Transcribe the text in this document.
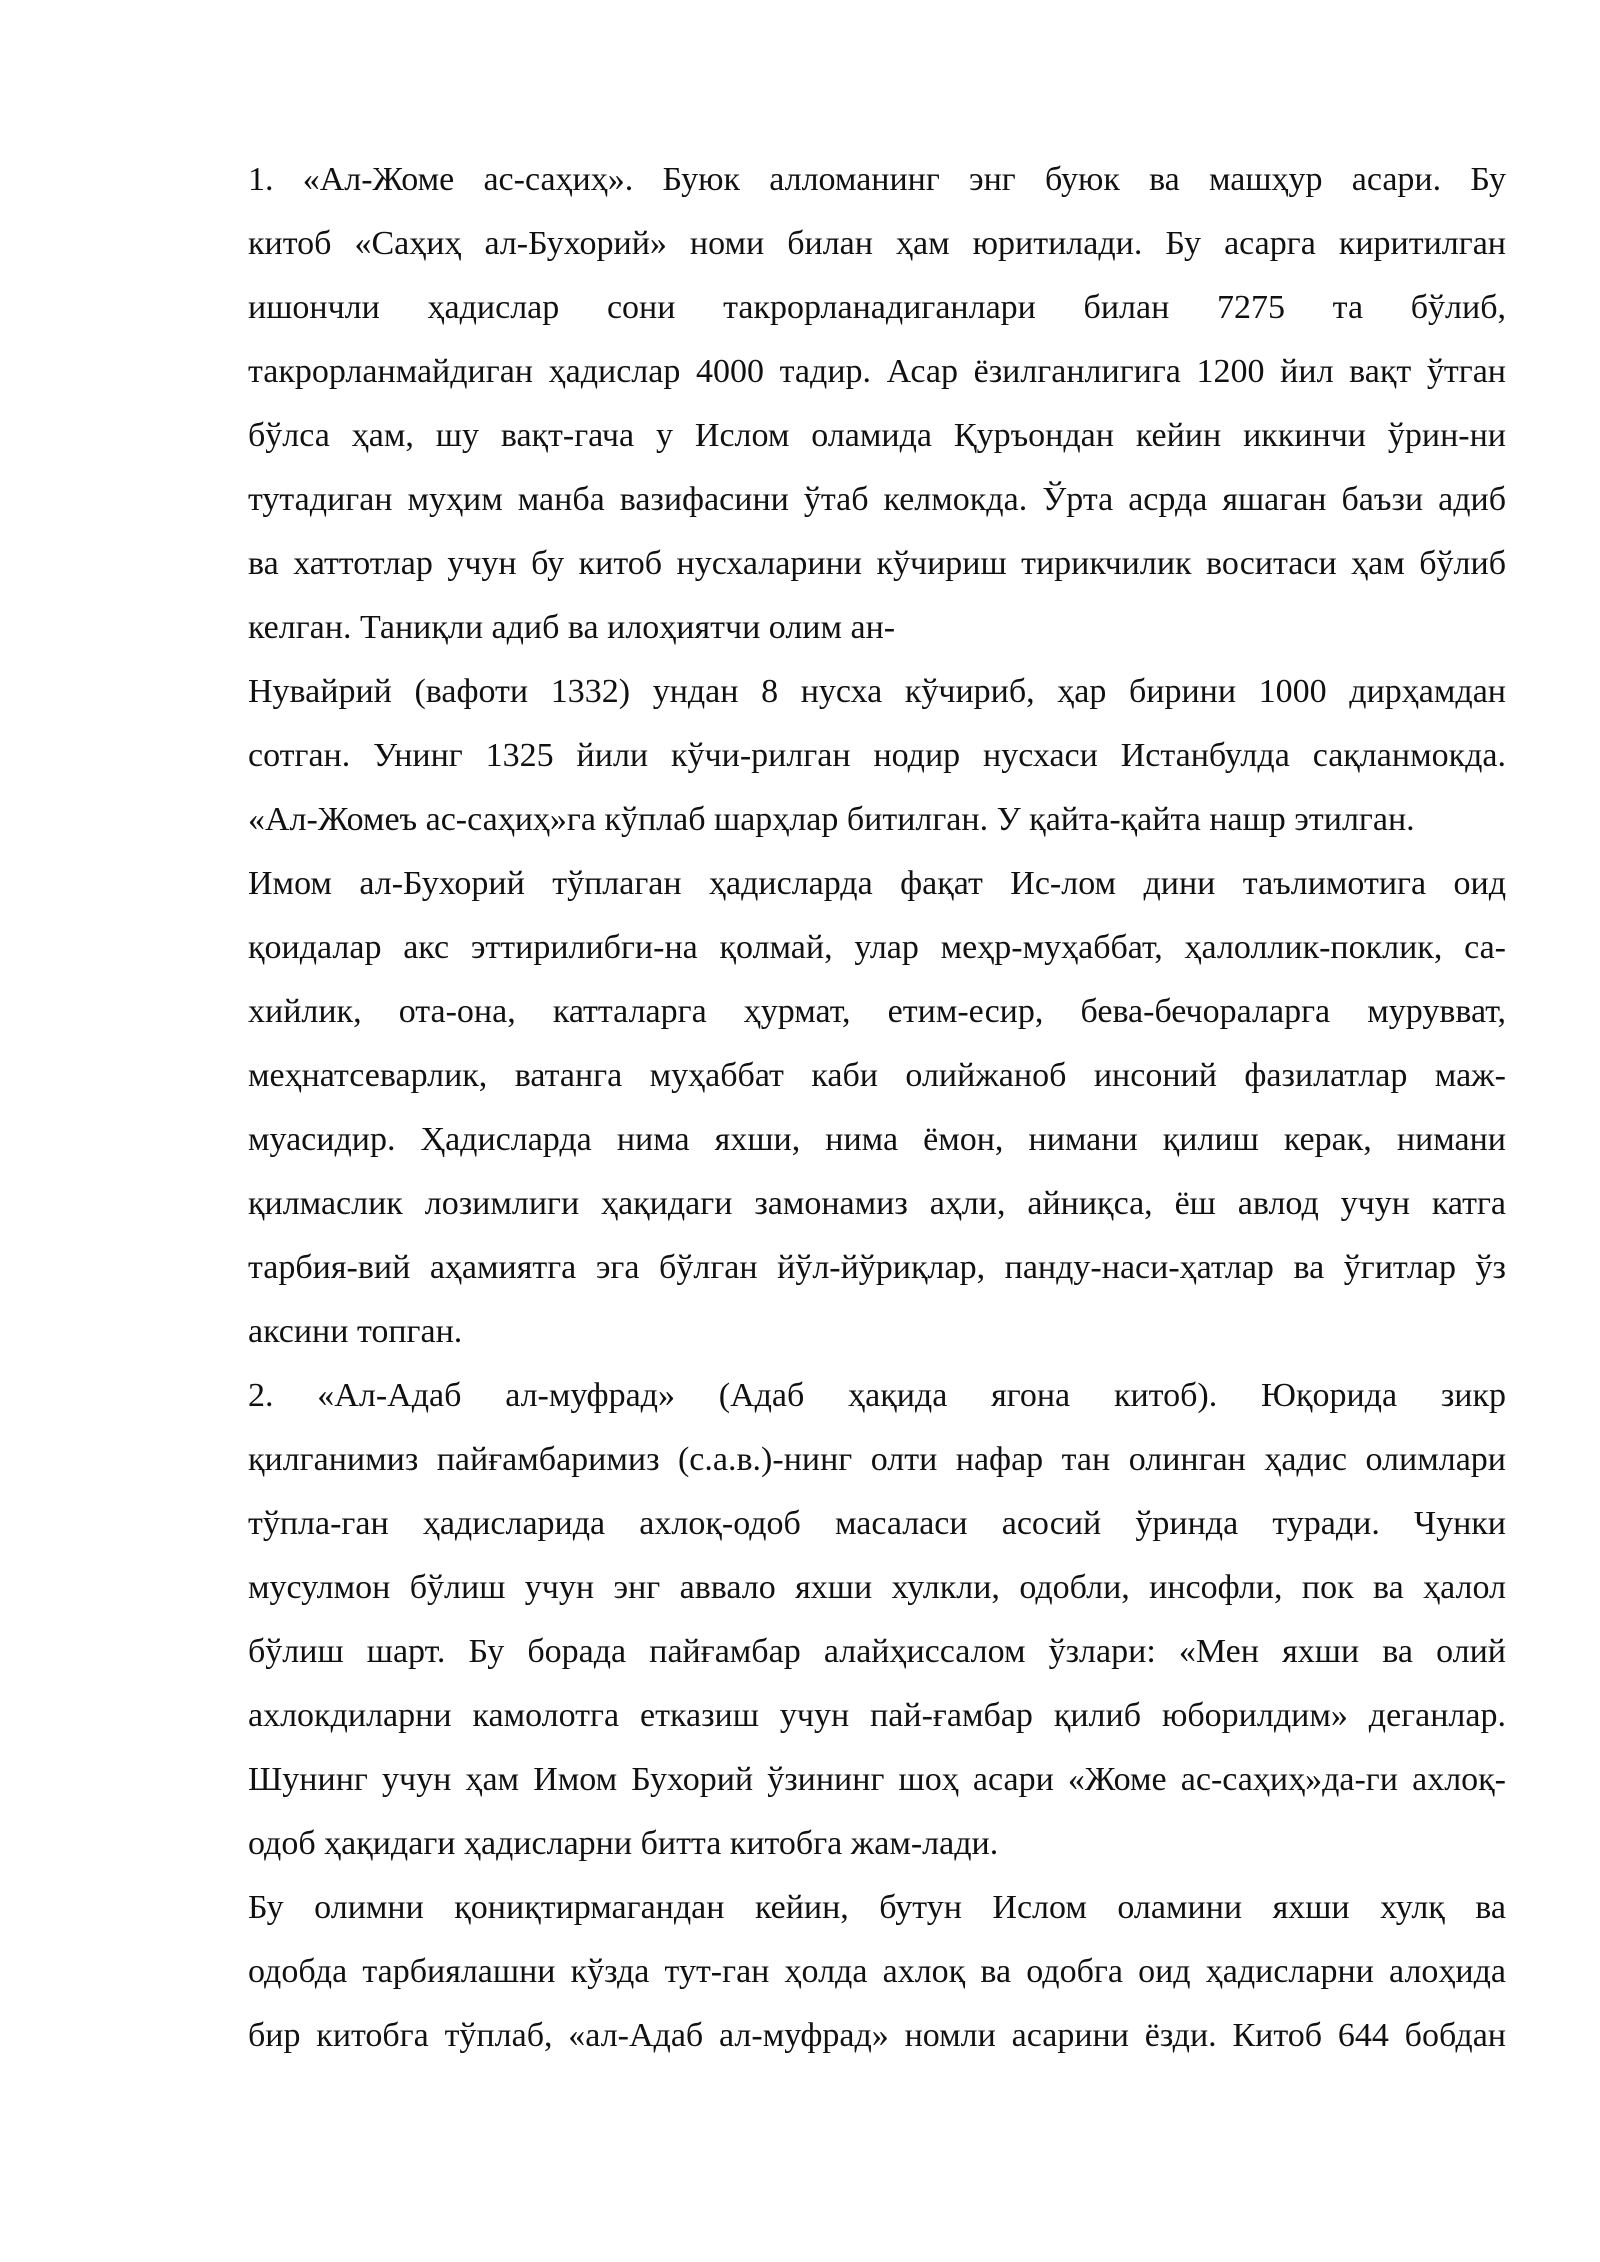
1. «Ал-Жоме ас-саҳиҳ». Буюк алломанинг энг буюк ва машҳур асари. Бу
китоб «Саҳиҳ ал-Бухорий» номи билан ҳам юритилади. Бу асарга киритилган
ишончли ҳадислар сони такрорланадиганлари билан 7275 та бўлиб,
такрорланмайдиган ҳадислар 4000 тадир. Асар ёзилганлигига 1200 йил вақт ўтган
бўлса ҳам, шу вақт-гача у Ислом оламида Қуръондан кейин иккинчи ўрин-ни
тутадиган муҳим манба вазифасини ўтаб келмокда. Ўрта асрда яшаган баъзи адиб
ва хаттотлар учун бу китоб нусхаларини кўчириш тирикчилик воситаси ҳам бўлиб
келган. Таниқли адиб ва илоҳиятчи олим ан-

Нувайрий (вафоти 1332) ундан 8 нусха кўчириб, ҳар бирини 1000 дирҳамдан
сотган. Унинг 1325 йили кўчи-рилган нодир нусхаси Истанбулда сақланмокда.
«Ал-Жомеъ ас-саҳиҳ»га кўплаб шарҳлар битилган. У қайта-қайта нашр этилган.

Имом ал-Бухорий тўплаган ҳадисларда фақат Ис-лом дини таълимотига оид
қоидалар акс эттирилибги-на қолмай, улар меҳр-муҳаббат, ҳалоллик-поклик, са-
хийлик, ота-она, катталарга ҳурмат, етим-есир, бева-бечораларга мурувват,
меҳнатсеварлик, ватанга муҳаббат каби олийжаноб инсоний фазилатлар маж-
муасидир. Ҳадисларда нима яхши, нима ёмон, нимани қилиш керак, нимани
қилмаслик лозимлиги ҳақидаги замонамиз аҳли, айниқса, ёш авлод учун катга
тарбия-вий аҳамиятга эга бўлган йўл-йўриқлар, панду-наси-ҳатлар ва ўгитлар ўз
аксини топган.

2. «Ал-Адаб ал-муфрад» (Адаб ҳақида ягона китоб). Юқорида зикр
қилганимиз пайғамбаримиз (с.а.в.)-нинг олти нафар тан олинган ҳадис олимлари
тўпла-ган ҳадисларида ахлоқ-одоб масаласи асосий ўринда туради. Чунки
мусулмон бўлиш учун энг аввало яхши хулкли, одобли, инсофли, пок ва ҳалол
бўлиш шарт. Бу борада пайғамбар алайҳиссалом ўзлари: «Мен яхши ва олий
ахлокдиларни камолотга етказиш учун пай-ғамбар қилиб юборилдим» деганлар.
Шунинг учун ҳам Имом Бухорий ўзининг шоҳ асари «Жоме ас-саҳиҳ»да-ги ахлоқ-
одоб ҳақидаги ҳадисларни битта китобга жам-лади.

Бу олимни қониқтирмагандан кейин, бутун Ислом оламини яхши хулқ ва
одобда тарбиялашни кўзда тут-ган ҳолда ахлоқ ва одобга оид ҳадисларни алоҳида
бир китобга тўплаб, «ал-Адаб ал-муфрад» номли асарини ёзди. Китоб 644 бобдан
